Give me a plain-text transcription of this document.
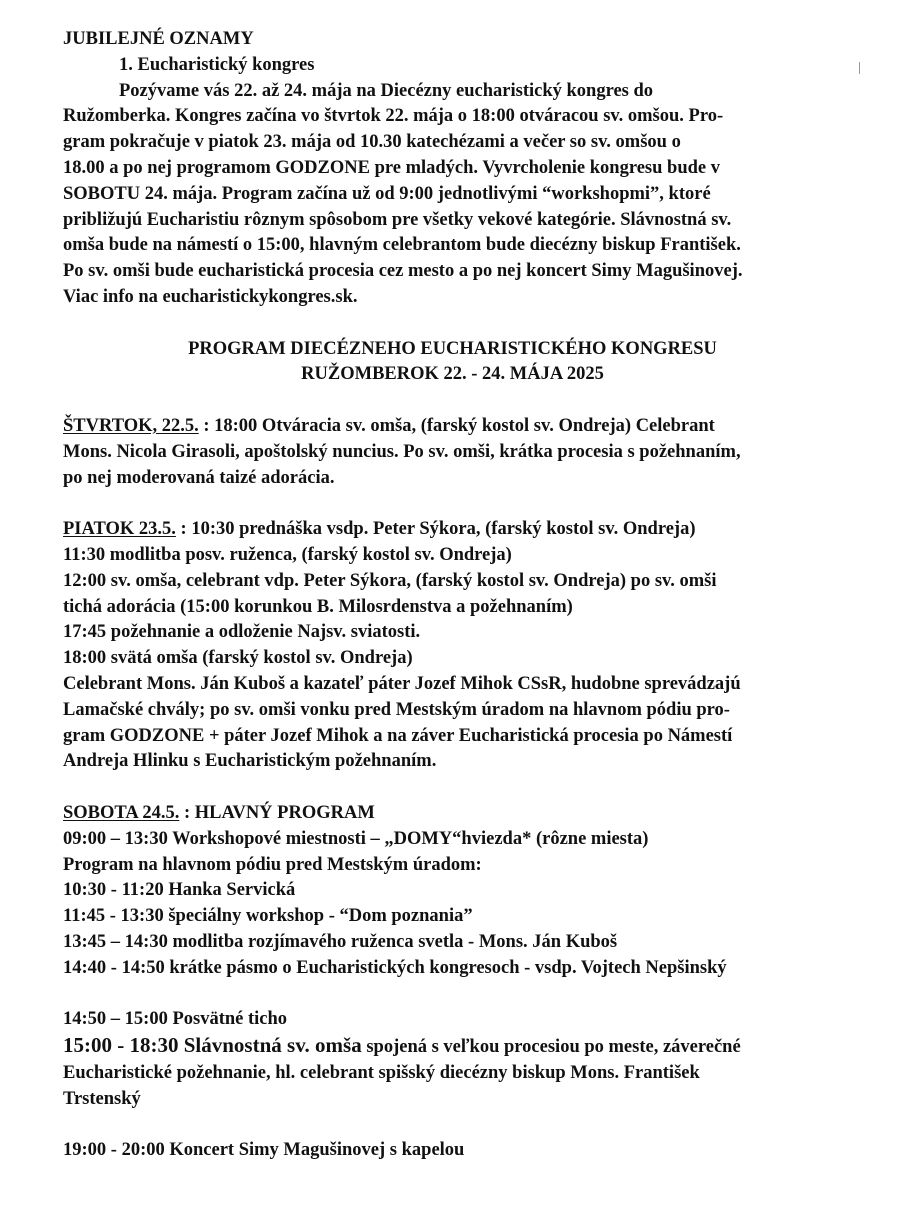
JUBILEJNÉ OZNAMY

1. Eucharistický kongres

Pozývame vás 22. až 24. mája na Diecézny eucharistický kongres do

Ružomberka. Kongres začína vo štvrtok 22. mája o 18:00 otváracou sv. omšou. Pro-

gram pokračuje v piatok 23. mája od 10.30 katechézami a večer so sv. omšou o

18.00 a po nej programom GODZONE pre mladých. Vyvrcholenie kongresu bude v

SOBOTU 24. mája. Program začína už od 9:00 jednotlivými “workshopmi”, ktoré

približujú Eucharistiu rôznym spôsobom pre všetky vekové kategórie. Slávnostná sv.

omša bude na námestí o 15:00, hlavným celebrantom bude diecézny biskup František.

Po sv. omši bude eucharistická procesia cez mesto a po nej koncert Simy Magušinovej.

Viac info na eucharistickykongres.sk.

PROGRAM DIECÉZNEHO EUCHARISTICKÉHO KONGRESU

RUŽOMBEROK 22. - 24. MÁJA 2025

ŠTVRTOK, 22.5. : 18:00 Otváracia sv. omša, (farský kostol sv. Ondreja) Celebrant

Mons. Nicola Girasoli, apoštolský nuncius. Po sv. omši, krátka procesia s požehnaním,

po nej moderovaná taizé adorácia.

PIATOK 23.5. : 10:30 prednáška vsdp. Peter Sýkora, (farský kostol sv. Ondreja)

11:30 modlitba posv. ruženca, (farský kostol sv. Ondreja)

12:00 sv. omša, celebrant vdp. Peter Sýkora, (farský kostol sv. Ondreja) po sv. omši

tichá adorácia (15:00 korunkou B. Milosrdenstva a požehnaním)

17:45 požehnanie a odloženie Najsv. sviatosti.

18:00 svätá omša (farský kostol sv. Ondreja)

Celebrant Mons. Ján Kuboš a kazateľ páter Jozef Mihok CSsR, hudobne sprevádzajú

Lamačské chvály; po sv. omši vonku pred Mestským úradom na hlavnom pódiu pro-

gram GODZONE + páter Jozef Mihok a na záver Eucharistická procesia po Námestí

Andreja Hlinku s Eucharistickým požehnaním.

SOBOTA 24.5. : HLAVNÝ PROGRAM

09:00 – 13:30 Workshopové miestnosti – „DOMY“hviezda* (rôzne miesta)

Program na hlavnom pódiu pred Mestským úradom:

10:30 - 11:20 Hanka Servická

11:45 - 13:30 špeciálny workshop - “Dom poznania”

13:45 – 14:30 modlitba rozjímavého ruženca svetla - Mons. Ján Kuboš

14:40 - 14:50 krátke pásmo o Eucharistických kongresoch - vsdp. Vojtech Nepšinský

14:50 – 15:00 Posvätné ticho

15:00 - 18:30 Slávnostná sv. omša spojená s veľkou procesiou po meste, záverečné

Eucharistické požehnanie, hl. celebrant spišský diecézny biskup Mons. František

Trstenský

19:00 - 20:00 Koncert Simy Magušinovej s kapelou
